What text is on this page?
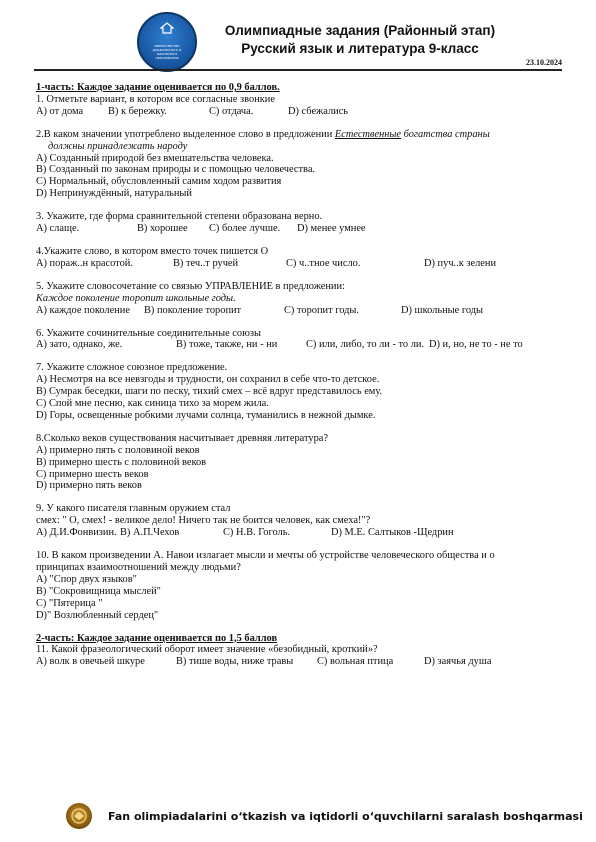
МИНИСТЕРСТВО ДОШКОЛЬНОГО И ШКОЛЬНОГО ОБРАЗОВАНИЯ
Олимпиадные задания (Районный этап)
Русский язык и литература 9-класс
23.10.2024
1-часть: Каждое задание оценивается по 0,9 баллов.
1. Отметьте вариант, в котором все согласные звонкие
А) от дома	В) к бережку.	С) отдача.	D) сбежались
2.В каком значении употреблено выделенное слово в предложении Естественные богатства страны
должны принадлежать народу
А) Созданный природой без вмешательства человека.
В) Созданный по законам природы и с помощью человечества.
С) Нормальный, обусловленный самим ходом развития
D) Непринуждённый, натуральный
3. Укажите, где форма сравнительной степени образована верно.
А) слаще.	В) хорошее	С) более лучше.	D) менее умнее
4.Укажите слово, в котором вместо точек пишется О
А) пораж..н красотой.	В) теч..т ручей	С) ч..тное число.	D) пуч..к зелени
5. Укажите словосочетание со связью УПРАВЛЕНИЕ в предложении:
Каждое поколение торопит школьные годы.
А) каждое поколение	В) поколение торопит	С) торопит годы.	D) школьные годы
6. Укажите сочинительные соединительные союзы
А) зато, однако, же.	В) тоже, также, ни - ни	С) или, либо, то ли - то ли. D) и, но, не то - не то
7. Укажите сложное союзное предложение.
А) Несмотря на все невзгоды и трудности, он сохранил в себе что-то детское.
В) Сумрак беседки, шаги по песку, тихий смех – всё вдруг представилось ему.
С) Спой мне песню, как синица тихо за морем жила.
D) Горы, освещенные робкими лучами солнца, туманились в нежной дымке.
8.Сколько веков существования насчитывает древняя литература?
А) примерно пять с половиной веков
В) примерно шесть с половиной веков
С) примерно шесть веков
D) примерно пять веков
9. У какого писателя главным оружием стал
смех: " О, смех! - великое дело! Ничего так не боится человек, как смеха!"?
А) Д.И.Фонвизин. В) А.П.Чехов	С) Н.В. Гоголь.	D) М.Е. Салтыков -Щедрин
10. В каком произведении А. Навои излагает мысли и мечты об устройстве человеческого общества и о
принципах взаимоотношений между людьми?
А) "Спор двух языков"
В) "Сокровищница мыслей"
С) "Пятерица "
D)" Возлюбленный сердец"
2-часть: Каждое задание оценивается по 1,5 баллов
11. Какой фразеологический оборот имеет значение «безобидный, кроткий»?
А) волк в овечьей шкуре	В) тише воды, ниже травы	С) вольная птица	D) заячья душа
Fan olimpiadalarini o‘tkazish va iqtidorli o‘quvchilarni saralash boshqarmasi
